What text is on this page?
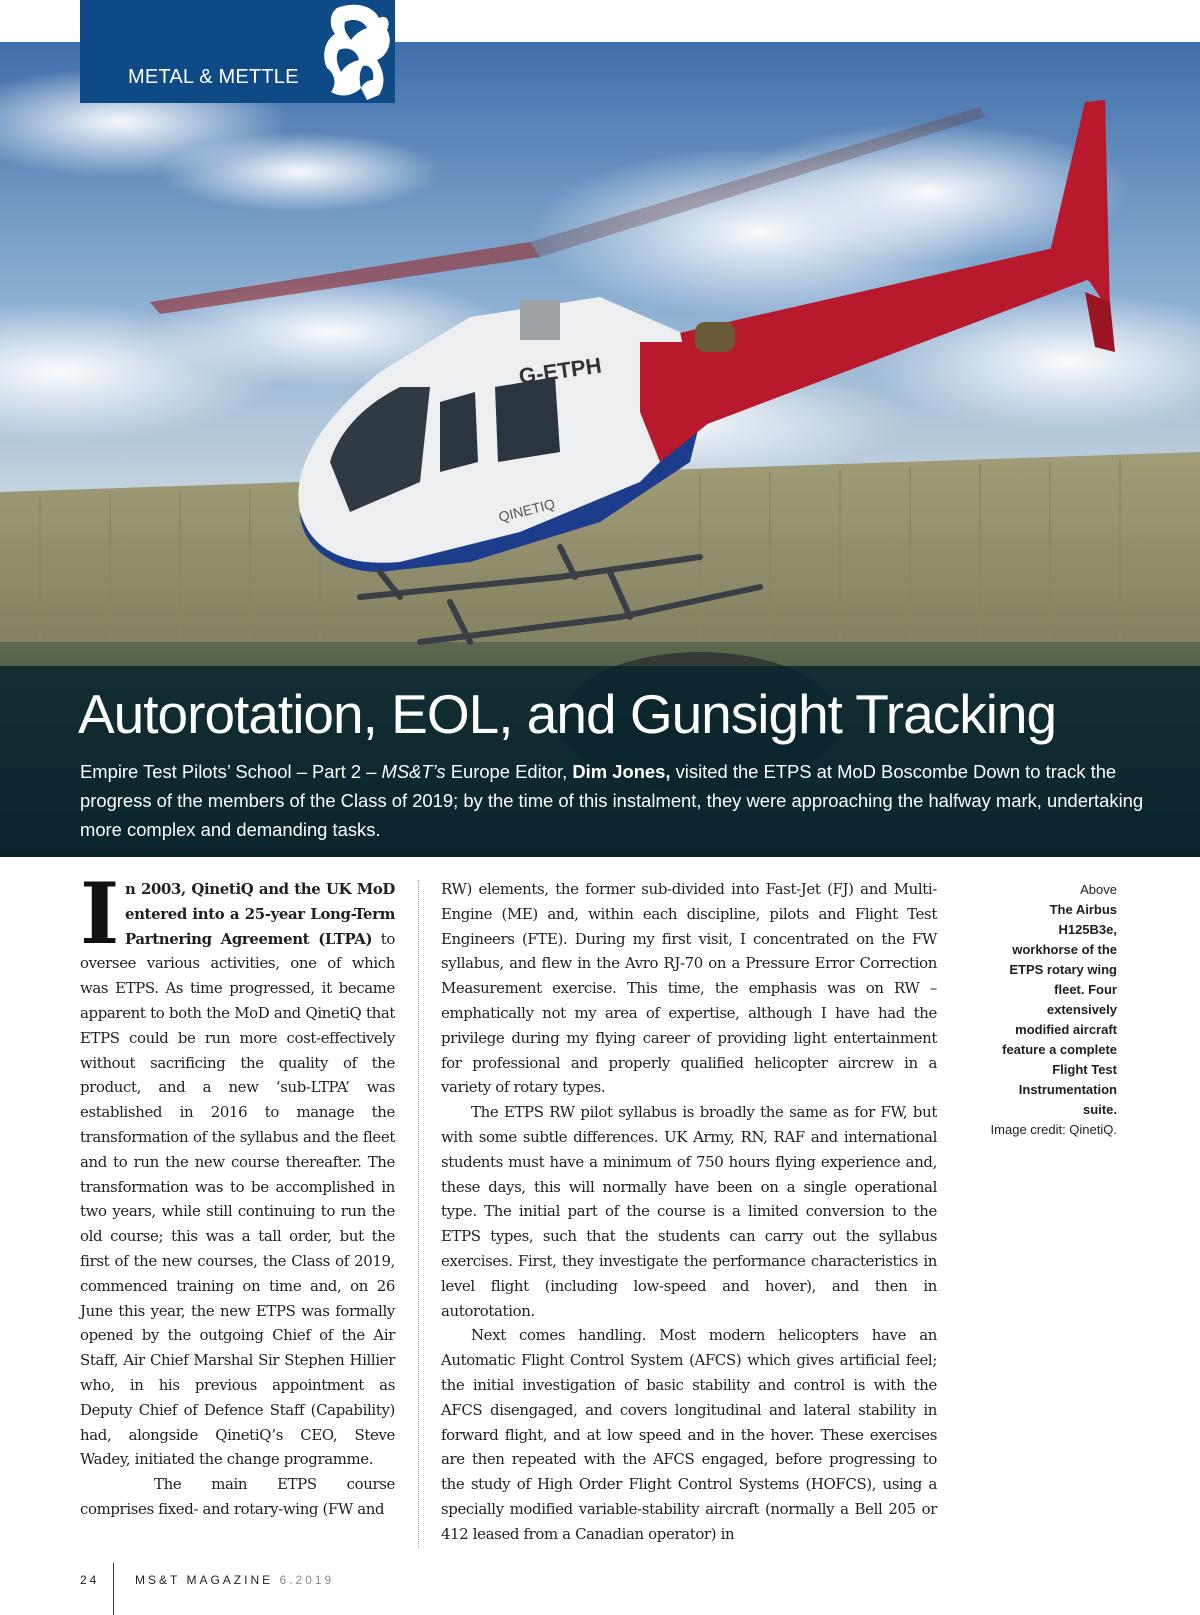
G-ETPH
QINETIQ
METAL & METTLE
Autorotation, EOL, and Gunsight Tracking

Empire Test Pilots’ School – Part 2 – MS&T’s Europe Editor, Dim Jones, visited the ETPS at MoD Boscombe Down to track the progress of the members of the Class of 2019; by the time of this instalment, they were approaching the halfway mark, undertaking more complex and demanding tasks.

In 2003, QinetiQ and the UK MoD entered into a 25-year Long-Term Partnering Agreement (LTPA) to oversee various activities, one of which was ETPS. As time progressed, it became apparent to both the MoD and QinetiQ that ETPS could be run more cost-effectively without sacrificing the quality of the product, and a new ‘sub-LTPA’ was established in 2016 to manage the transformation of the syllabus and the fleet and to run the new course thereafter. The transformation was to be accomplished in two years, while still continuing to run the old course; this was a tall order, but the first of the new courses, the Class of 2019, commenced training on time and, on 26 June this year, the new ETPS was formally opened by the outgoing Chief of the Air Staff, Air Chief Marshal Sir Stephen Hillier who, in his previous appointment as Deputy Chief of Defence Staff (Capability) had, alongside QinetiQ’s CEO, Steve Wadey, initiated the change programme.

The main ETPS course comprises fixed- and rotary-wing (FW and

RW) elements, the former sub-divided into Fast-Jet (FJ) and Multi-Engine (ME) and, within each discipline, pilots and Flight Test Engineers (FTE). During my first visit, I concentrated on the FW syllabus, and flew in the Avro RJ-70 on a Pressure Error Correction Measurement exercise. This time, the emphasis was on RW – emphatically not my area of expertise, although I have had the privilege during my flying career of providing light entertainment for professional and properly qualified helicopter aircrew in a variety of rotary types.

The ETPS RW pilot syllabus is broadly the same as for FW, but with some subtle differences. UK Army, RN, RAF and international students must have a minimum of 750 hours flying experience and, these days, this will normally have been on a single operational type. The initial part of the course is a limited conversion to the ETPS types, such that the students can carry out the syllabus exercises. First, they investigate the performance characteristics in level flight (including low-speed and hover), and then in autorotation.

Next comes handling. Most modern helicopters have an Automatic Flight Control System (AFCS) which gives artificial feel; the initial investigation of basic stability and control is with the AFCS disengaged, and covers longitudinal and lateral stability in forward flight, and at low speed and in the hover. These exercises are then repeated with the AFCS engaged, before progressing to the study of High Order Flight Control Systems (HOFCS), using a specially modified variable-stability aircraft (normally a Bell 205 or 412 leased from a Canadian operator) in

Above
The Airbus H125B3e, workhorse of the ETPS rotary wing fleet. Four extensively modified aircraft feature a complete Flight Test Instrumentation suite.
Image credit: QinetiQ.
24	MS&T MAGAZINE 6.2019
